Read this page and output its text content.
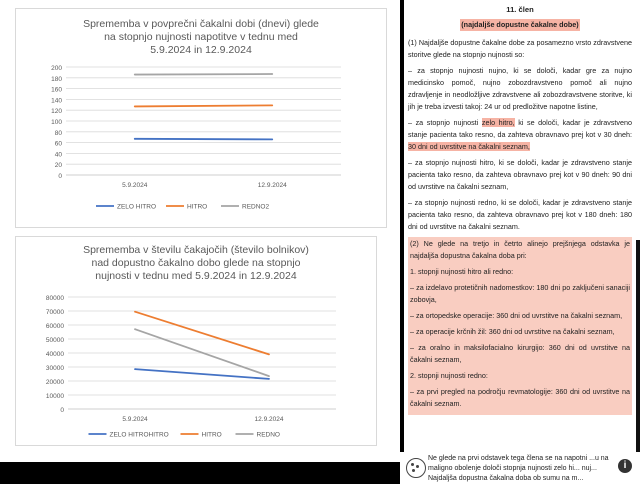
Sprememba v povprečni čakalni dobi (dnevi) glede na stopnjo nujnosti napotitve v tednu med 5.9.2024 in 12.9.2024
0
20
40
60
80
100
120
140
160
180
200
5.9.2024	12.9.2024
ZELO HITRO	HITRO	REDNO2
Sprememba v številu čakajočih (število bolnikov) nad dopustno čakalno dobo glede na stopnjo nujnosti v tednu med 5.9.2024 in 12.9.2024
0
10000
20000
30000
40000
50000
60000
70000
80000
5.9.2024	12.9.2024
ZELO HITROHITRO	HITRO	REDNO
11. člen
(najdaljše dopustne čakalne dobe)

(1) Najdaljše dopustne čakalne dobe za posamezno vrsto zdravstvene storitve glede na stopnjo nujnosti so:

– za stopnjo nujnosti nujno, ki se določi, kadar gre za nujno medicinsko pomoč, nujno zobozdravstveno pomoč ali nujno zdravljenje in neodložljive zdravstvene ali zobozdravstvene storitve, ki jih je treba izvesti takoj: 24 ur od predložitve napotne listine,

– za stopnjo nujnosti zelo hitro, ki se določi, kadar je zdravstveno stanje pacienta tako resno, da zahteva obravnavo prej kot v 30 dneh: 30 dni od uvrstitve na čakalni seznam,

– za stopnjo nujnosti hitro, ki se določi, kadar je zdravstveno stanje pacienta tako resno, da zahteva obravnavo prej kot v 90 dneh: 90 dni od uvrstitve na čakalni seznam,

– za stopnjo nujnosti redno, ki se določi, kadar je zdravstveno stanje pacienta tako resno, da zahteva obravnavo prej kot v 180 dneh: 180 dni od uvrstitve na čakalni seznam.

(2) Ne glede na tretjo in četrto alinejo prejšnjega odstavka je najdaljša dopustna čakalna doba pri:

1. stopnji nujnosti hitro ali redno:

– za izdelavo protetičnih nadomestkov: 180 dni po zaključeni sanaciji zobovja,

– za ortopedske operacije: 360 dni od uvrstitve na čakalni seznam,

– za operacije krčnih žil: 360 dni od uvrstitve na čakalni seznam,

– za oralno in maksilofacialno kirurgijo: 360 dni od uvrstitve na čakalni seznam,

2. stopnji nujnosti redno:

– za prvi pregled na področju revmatologije: 360 dni od uvrstitve na čakalni seznam.

Ne glede na prvi odstavek tega člena se na napotni ...u na maligno obolenje določi stopnja nujnosti zelo hi... nuj... Najdaljša dopustna čakalna doba ob sumu na m...
i
